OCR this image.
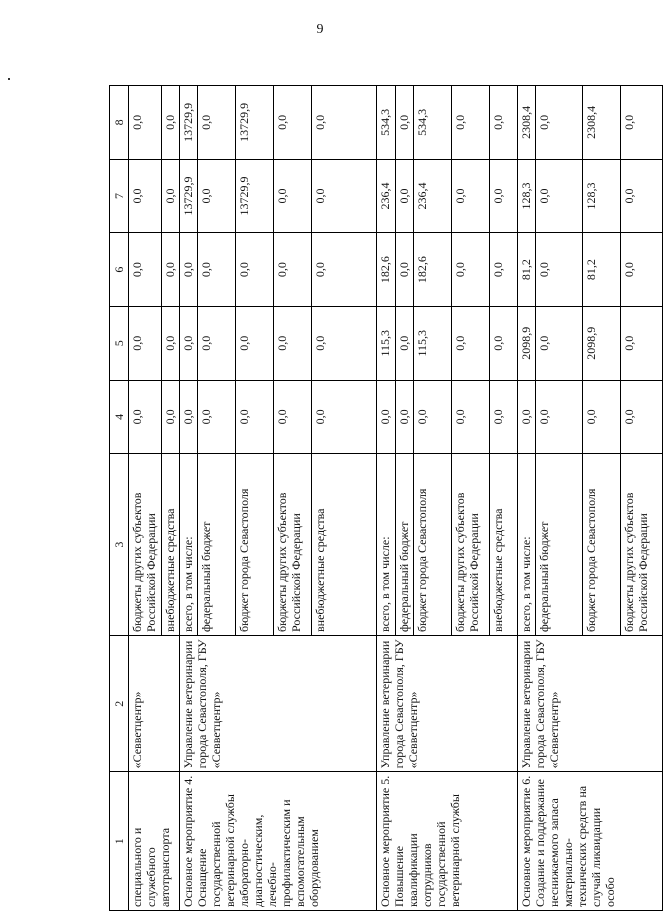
9
1	2	3	4	5	6	7	8
специального и служебного автотранспорта	«Севветцентр»	бюджеты других субъектов Российской Федерации	0,0	0,0	0,0	0,0	0,0
		внебюджетные средства	0,0	0,0	0,0	0,0	0,0
Основное мероприятие 4. Оснащение государственной ветеринарной службы лабораторно-диагностическим, лечебно-профилактическим и вспомогательным оборудованием	Управление ветеринарии города Севастополя, ГБУ «Севветцентр»	всего, в том числе:	0,0	0,0	0,0	13729,9	13729,9
		федеральный бюджет	0,0	0,0	0,0	0,0	0,0
		бюджет города Севастополя	0,0	0,0	0,0	13729,9	13729,9
		бюджеты других субъектов Российской Федерации	0,0	0,0	0,0	0,0	0,0
		внебюджетные средства	0,0	0,0	0,0	0,0	0,0
Основное мероприятие 5. Повышение квалификации сотрудников государственной ветеринарной службы	Управление ветеринарии города Севастополя, ГБУ «Севветцентр»	всего, в том числе:	0,0	115,3	182,6	236,4	534,3
		федеральный бюджет	0,0	0,0	0,0	0,0	0,0
		бюджет города Севастополя	0,0	115,3	182,6	236,4	534,3
		бюджеты других субъектов Российской Федерации	0,0	0,0	0,0	0,0	0,0
		внебюджетные средства	0,0	0,0	0,0	0,0	0,0
Основное мероприятие 6. Создание и поддержание неснижаемого запаса материально-технических средств на случай ликвидации особо	Управление ветеринарии города Севастополя, ГБУ «Севветцентр»	всего, в том числе:	0,0	2098,9	81,2	128,3	2308,4
		федеральный бюджет	0,0	0,0	0,0	0,0	0,0
		бюджет города Севастополя	0,0	2098,9	81,2	128,3	2308,4
		бюджеты других субъектов Российской Федерации	0,0	0,0	0,0	0,0	0,0
